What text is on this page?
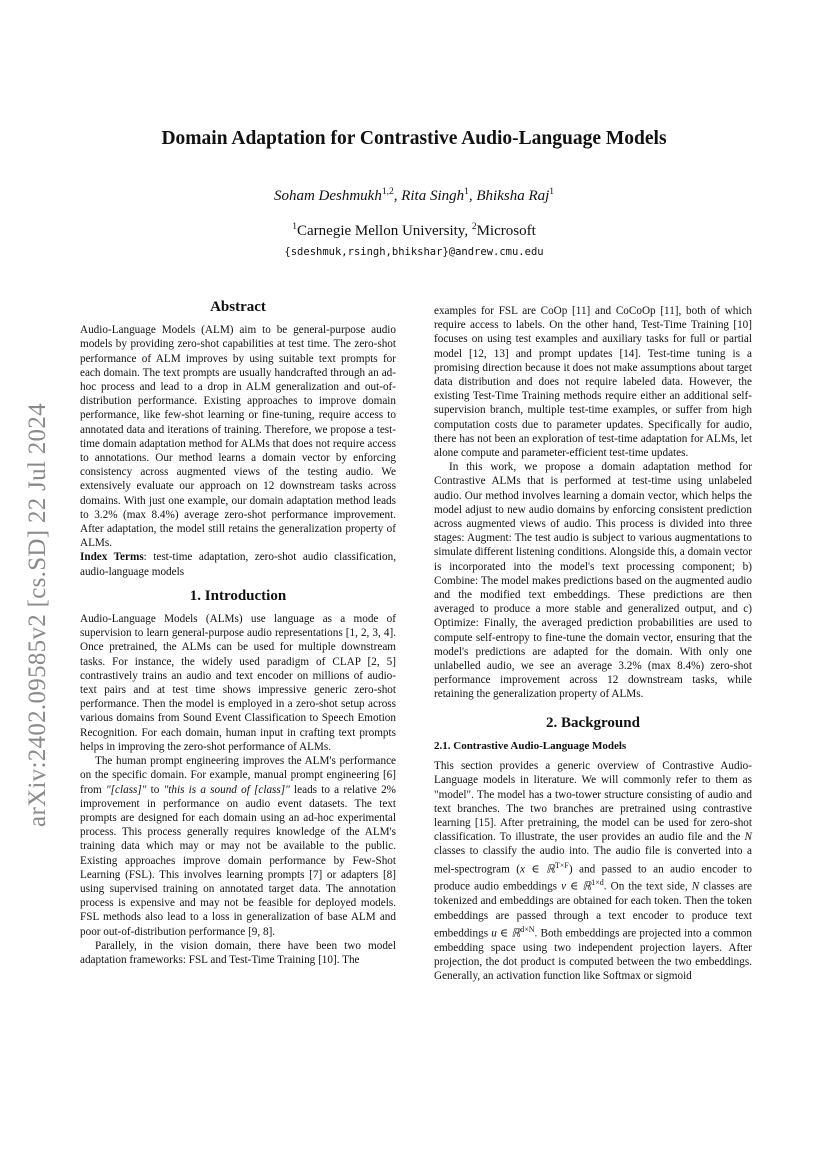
arXiv:2402.09585v2 [cs.SD] 22 Jul 2024
Domain Adaptation for Contrastive Audio-Language Models
Soham Deshmukh$^{1,2}$, Rita Singh$^1$, Bhiksha Raj$^1$
$^1$Carnegie Mellon University, $^2$Microsoft
{sdeshmuk,rsingh,bhikshar}@andrew.cmu.edu
Abstract

Audio-Language Models (ALM) aim to be general-purpose audio models by providing zero-shot capabilities at test time. The zero-shot performance of ALM improves by using suitable text prompts for each domain. The text prompts are usually handcrafted through an ad-hoc process and lead to a drop in ALM generalization and out-of-distribution performance. Existing approaches to improve domain performance, like few-shot learning or fine-tuning, require access to annotated data and iterations of training. Therefore, we propose a test-time domain adaptation method for ALMs that does not require access to annotations. Our method learns a domain vector by enforcing consistency across augmented views of the testing audio. We extensively evaluate our approach on 12 downstream tasks across domains. With just one example, our domain adaptation method leads to 3.2% (max 8.4%) average zero-shot performance improvement. After adaptation, the model still retains the generalization property of ALMs.

Index Terms: test-time adaptation, zero-shot audio classification, audio-language models

1. Introduction

Audio-Language Models (ALMs) use language as a mode of supervision to learn general-purpose audio representations [1, 2, 3, 4]. Once pretrained, the ALMs can be used for multiple downstream tasks. For instance, the widely used paradigm of CLAP [2, 5] contrastively trains an audio and text encoder on millions of audio-text pairs and at test time shows impressive generic zero-shot performance. Then the model is employed in a zero-shot setup across various domains from Sound Event Classification to Speech Emotion Recognition. For each domain, human input in crafting text prompts helps in improving the zero-shot performance of ALMs.

The human prompt engineering improves the ALM's performance on the specific domain. For example, manual prompt engineering [6] from "[class]" to "this is a sound of [class]" leads to a relative 2% improvement in performance on audio event datasets. The text prompts are designed for each domain using an ad-hoc experimental process. This process generally requires knowledge of the ALM's training data which may or may not be available to the public. Existing approaches improve domain performance by Few-Shot Learning (FSL). This involves learning prompts [7] or adapters [8] using supervised training on annotated target data. The annotation process is expensive and may not be feasible for deployed models. FSL methods also lead to a loss in generalization of base ALM and poor out-of-distribution performance [9, 8].

Parallely, in the vision domain, there have been two model adaptation frameworks: FSL and Test-Time Training [10]. The

examples for FSL are CoOp [11] and CoCoOp [11], both of which require access to labels. On the other hand, Test-Time Training [10] focuses on using test examples and auxiliary tasks for full or partial model [12, 13] and prompt updates [14]. Test-time tuning is a promising direction because it does not make assumptions about target data distribution and does not require labeled data. However, the existing Test-Time Training methods require either an additional self-supervision branch, multiple test-time examples, or suffer from high computation costs due to parameter updates. Specifically for audio, there has not been an exploration of test-time adaptation for ALMs, let alone compute and parameter-efficient test-time updates.

In this work, we propose a domain adaptation method for Contrastive ALMs that is performed at test-time using unlabeled audio. Our method involves learning a domain vector, which helps the model adjust to new audio domains by enforcing consistent prediction across augmented views of audio. This process is divided into three stages: Augment: The test audio is subject to various augmentations to simulate different listening conditions. Alongside this, a domain vector is incorporated into the model's text processing component; b) Combine: The model makes predictions based on the augmented audio and the modified text embeddings. These predictions are then averaged to produce a more stable and generalized output, and c) Optimize: Finally, the averaged prediction probabilities are used to compute self-entropy to fine-tune the domain vector, ensuring that the model's predictions are adapted for the domain. With only one unlabelled audio, we see an average 3.2% (max 8.4%) zero-shot performance improvement across 12 downstream tasks, while retaining the generalization property of ALMs.

2. Background
2.1. Contrastive Audio-Language Models

This section provides a generic overview of Contrastive Audio-Language models in literature. We will commonly refer to them as "model". The model has a two-tower structure consisting of audio and text branches. The two branches are pretrained using contrastive learning [15]. After pretraining, the model can be used for zero-shot classification. To illustrate, the user provides an audio file and the N classes to classify the audio into. The audio file is converted into a mel-spectrogram (x ∈ ℝ$^{T\times F}$) and passed to an audio encoder to produce audio embeddings v ∈ ℝ$^{1\times d}$. On the text side, N classes are tokenized and embeddings are obtained for each token. Then the token embeddings are passed through a text encoder to produce text embeddings u ∈ ℝ$^{d\times N}$. Both embeddings are projected into a common embedding space using two independent projection layers. After projection, the dot product is computed between the two embeddings. Generally, an activation function like Softmax or sigmoid
